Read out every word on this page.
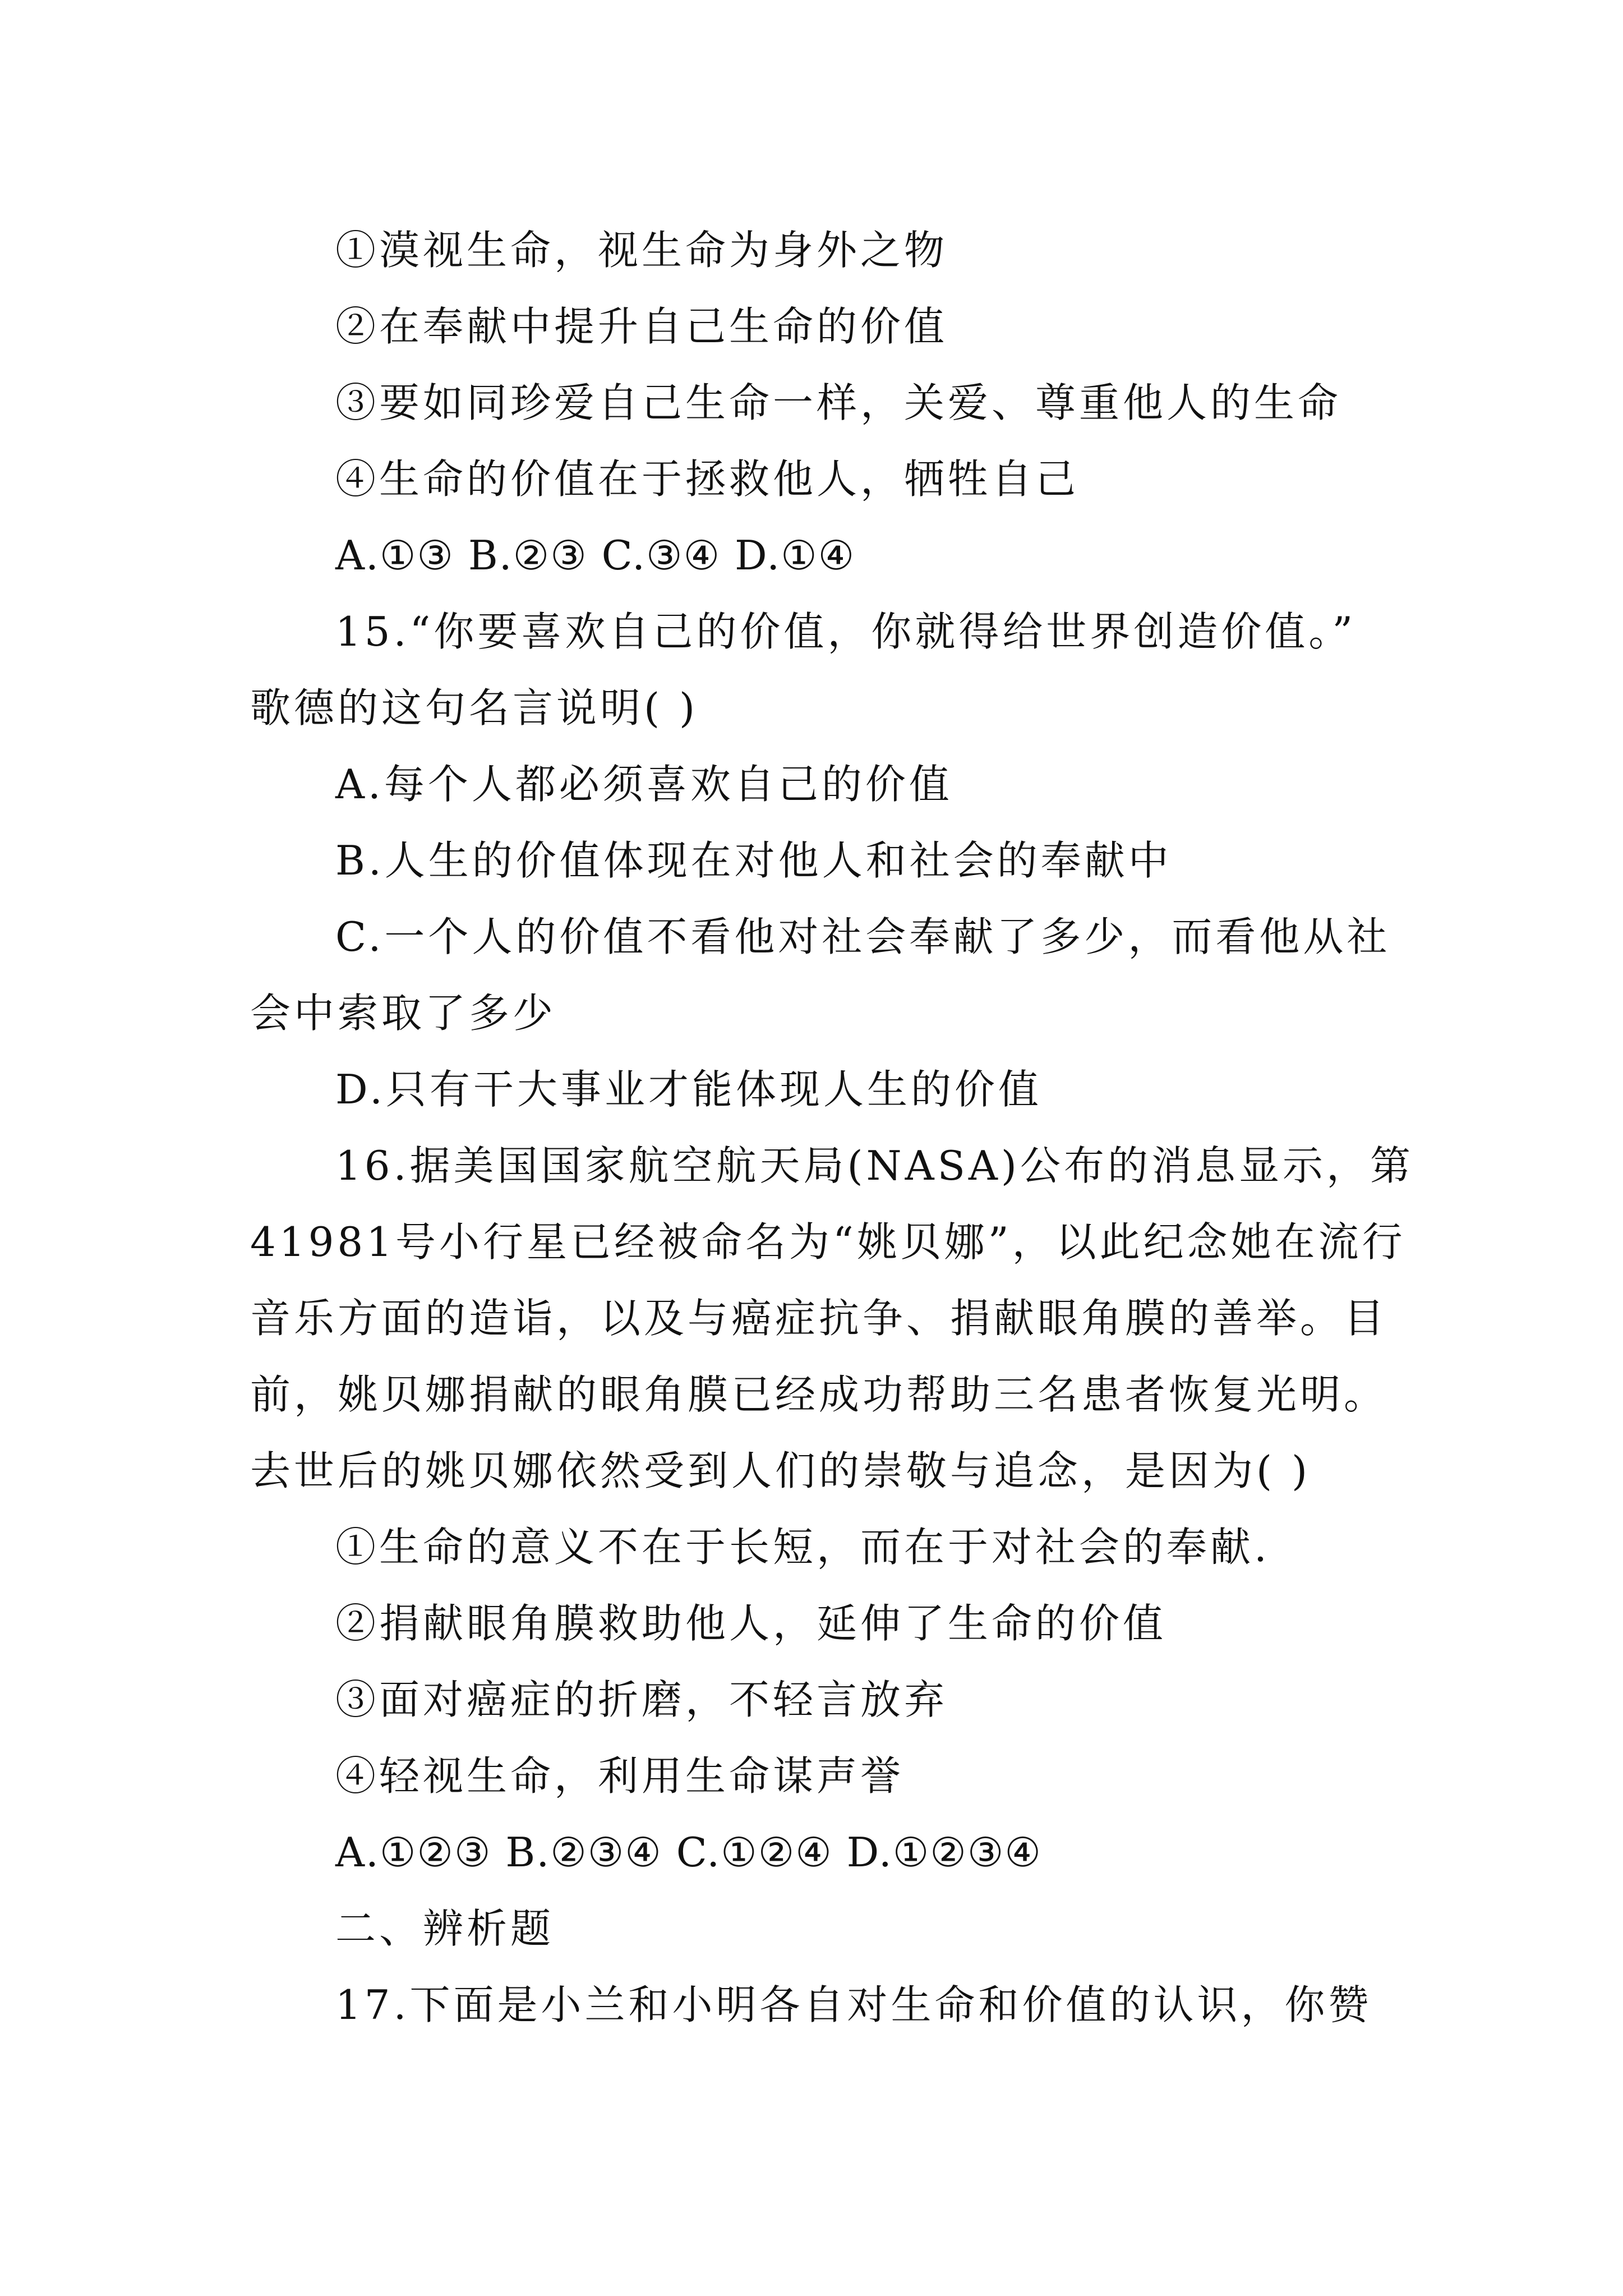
①漠视生命，视生命为身外之物
②在奉献中提升自己生命的价值
③要如同珍爱自己生命一样，关爱、尊重他人的生命
④生命的价值在于拯救他人，牺牲自己
A.①③ B.②③ C.③④ D.①④
15.“你要喜欢自己的价值，你就得给世界创造价值。”
歌德的这句名言说明( )
A.每个人都必须喜欢自己的价值
B.人生的价值体现在对他人和社会的奉献中
C.一个人的价值不看他对社会奉献了多少，而看他从社
会中索取了多少
D.只有干大事业才能体现人生的价值
16.据美国国家航空航天局(NASA)公布的消息显示，第
41981号小行星已经被命名为“姚贝娜”，以此纪念她在流行
音乐方面的造诣，以及与癌症抗争、捐献眼角膜的善举。目
前，姚贝娜捐献的眼角膜已经成功帮助三名患者恢复光明。
去世后的姚贝娜依然受到人们的崇敬与追念，是因为( )
①生命的意义不在于长短，而在于对社会的奉献.
②捐献眼角膜救助他人，延伸了生命的价值
③面对癌症的折磨，不轻言放弃
④轻视生命，利用生命谋声誉
A.①②③ B.②③④ C.①②④ D.①②③④
二、辨析题
17.下面是小兰和小明各自对生命和价值的认识，你赞
